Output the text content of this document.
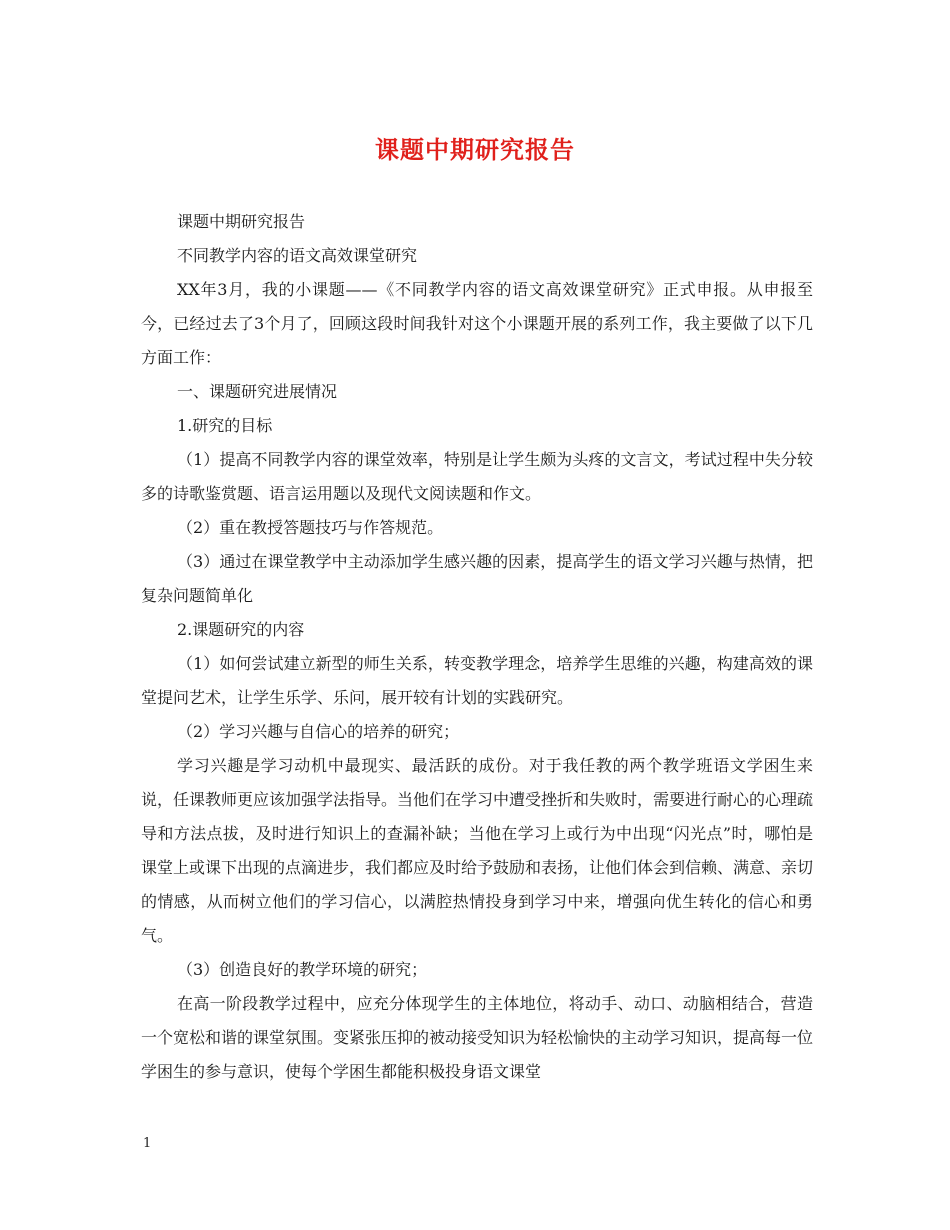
课题中期研究报告

课题中期研究报告

不同教学内容的语文高效课堂研究

XX年3月，我的小课题——《不同教学内容的语文高效课堂研究》正式申报。从申报至今，已经过去了3个月了，回顾这段时间我针对这个小课题开展的系列工作，我主要做了以下几方面工作：

一、课题研究进展情况

1.研究的目标

（1）提高不同教学内容的课堂效率，特别是让学生颇为头疼的文言文，考试过程中失分较多的诗歌鉴赏题、语言运用题以及现代文阅读题和作文。

（2）重在教授答题技巧与作答规范。

（3）通过在课堂教学中主动添加学生感兴趣的因素，提高学生的语文学习兴趣与热情，把复杂问题简单化

2.课题研究的内容

（1）如何尝试建立新型的师生关系，转变教学理念，培养学生思维的兴趣，构建高效的课堂提问艺术，让学生乐学、乐问，展开较有计划的实践研究。

（2）学习兴趣与自信心的培养的研究；

学习兴趣是学习动机中最现实、最活跃的成份。对于我任教的两个教学班语文学困生来说，任课教师更应该加强学法指导。当他们在学习中遭受挫折和失败时，需要进行耐心的心理疏导和方法点拔，及时进行知识上的查漏补缺；当他在学习上或行为中出现“闪光点”时，哪怕是课堂上或课下出现的点滴进步，我们都应及时给予鼓励和表扬，让他们体会到信赖、满意、亲切的情感，从而树立他们的学习信心，以满腔热情投身到学习中来，增强向优生转化的信心和勇气。

（3）创造良好的教学环境的研究；

在高一阶段教学过程中，应充分体现学生的主体地位，将动手、动口、动脑相结合，营造一个宽松和谐的课堂氛围。变紧张压抑的被动接受知识为轻松愉快的主动学习知识，提高每一位学困生的参与意识，使每个学困生都能积极投身语文课堂

1
